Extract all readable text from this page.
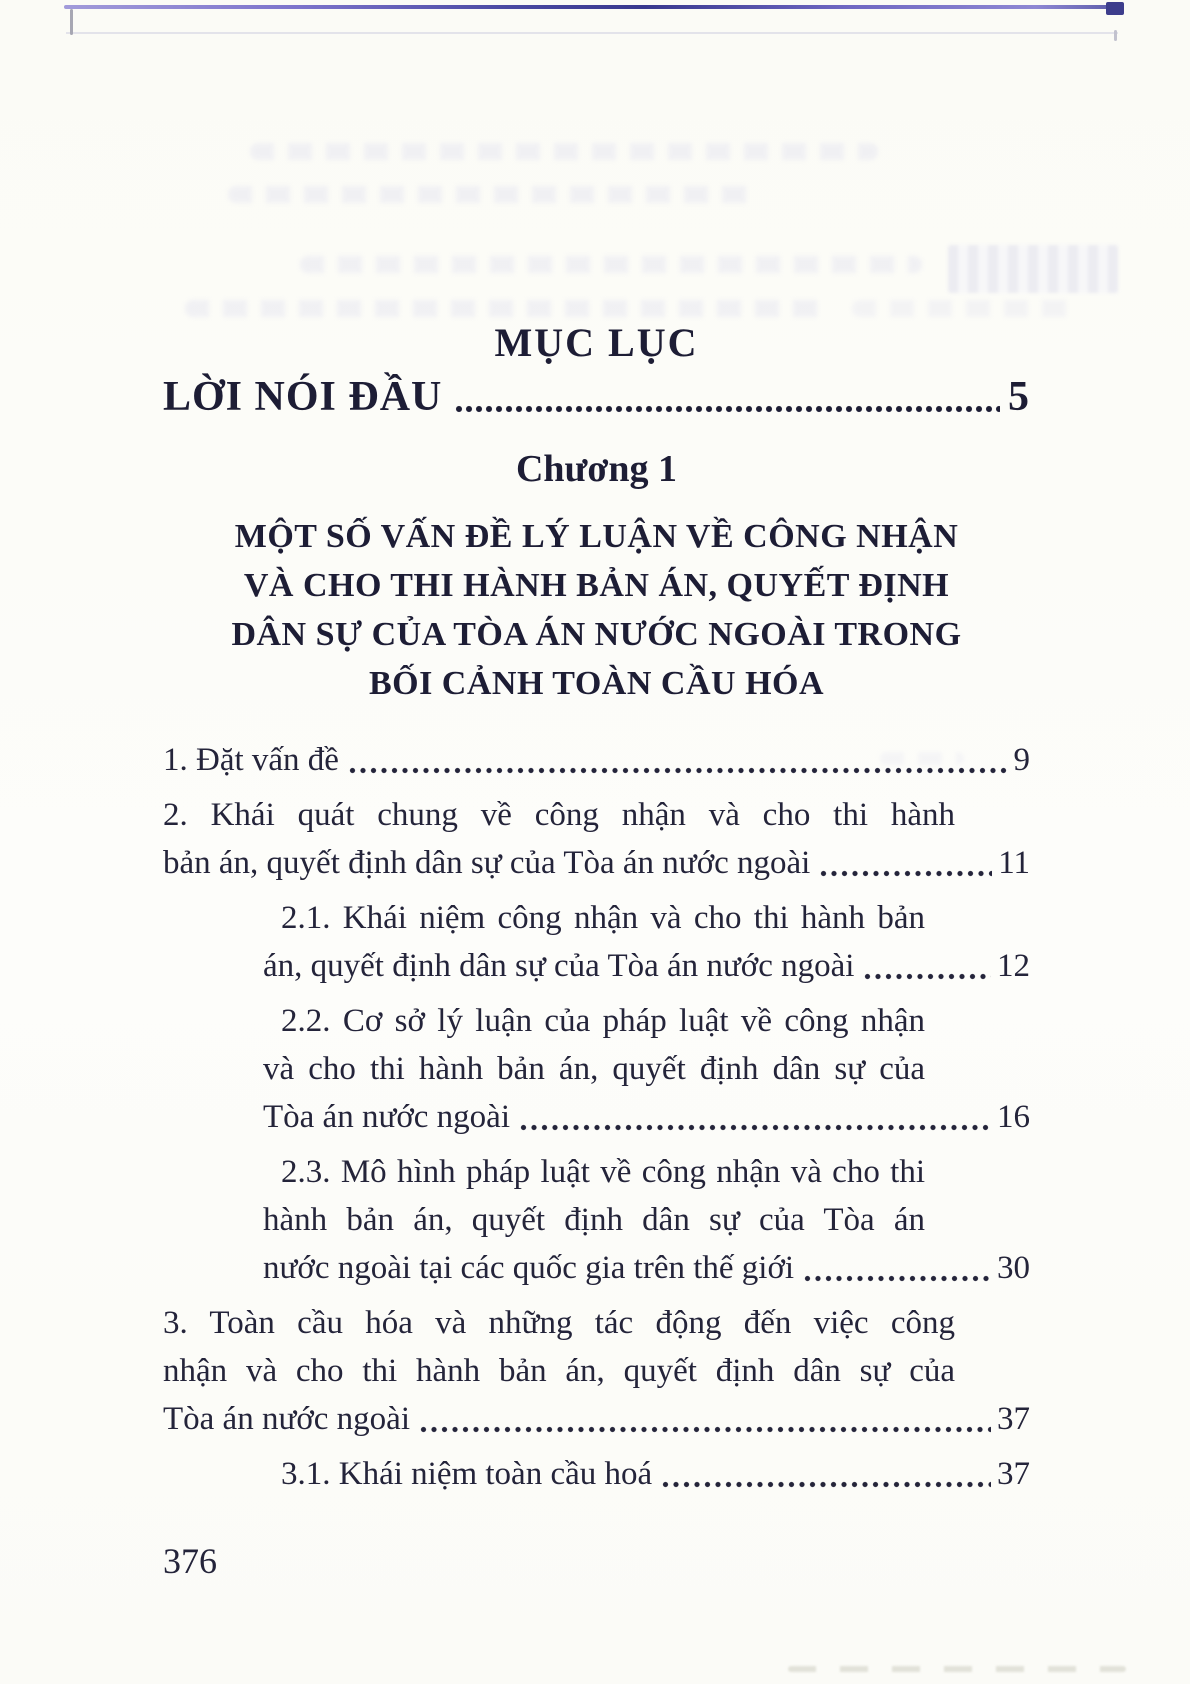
MỤC LỤC
LỜI NÓI ĐẦU	5
Chương 1
MỘT SỐ VẤN ĐỀ LÝ LUẬN VỀ CÔNG NHẬN
VÀ CHO THI HÀNH BẢN ÁN, QUYẾT ĐỊNH
DÂN SỰ CỦA TÒA ÁN NƯỚC NGOÀI TRONG
BỐI CẢNH TOÀN CẦU HÓA
1. Đặt vấn đề	9
2. Khái quát chung về công nhận và cho thi hành
bản án, quyết định dân sự của Tòa án nước ngoài	11
2.1. Khái niệm công nhận và cho thi hành bản
án, quyết định dân sự của Tòa án nước ngoài	12
2.2. Cơ sở lý luận của pháp luật về công nhận
và cho thi hành bản án, quyết định dân sự của
Tòa án nước ngoài	16
2.3. Mô hình pháp luật về công nhận và cho thi
hành bản án, quyết định dân sự của Tòa án
nước ngoài tại các quốc gia trên thế giới	30
3. Toàn cầu hóa và những tác động đến việc công
nhận và cho thi hành bản án, quyết định dân sự của
Tòa án nước ngoài	37
3.1. Khái niệm toàn cầu hoá	37
376
